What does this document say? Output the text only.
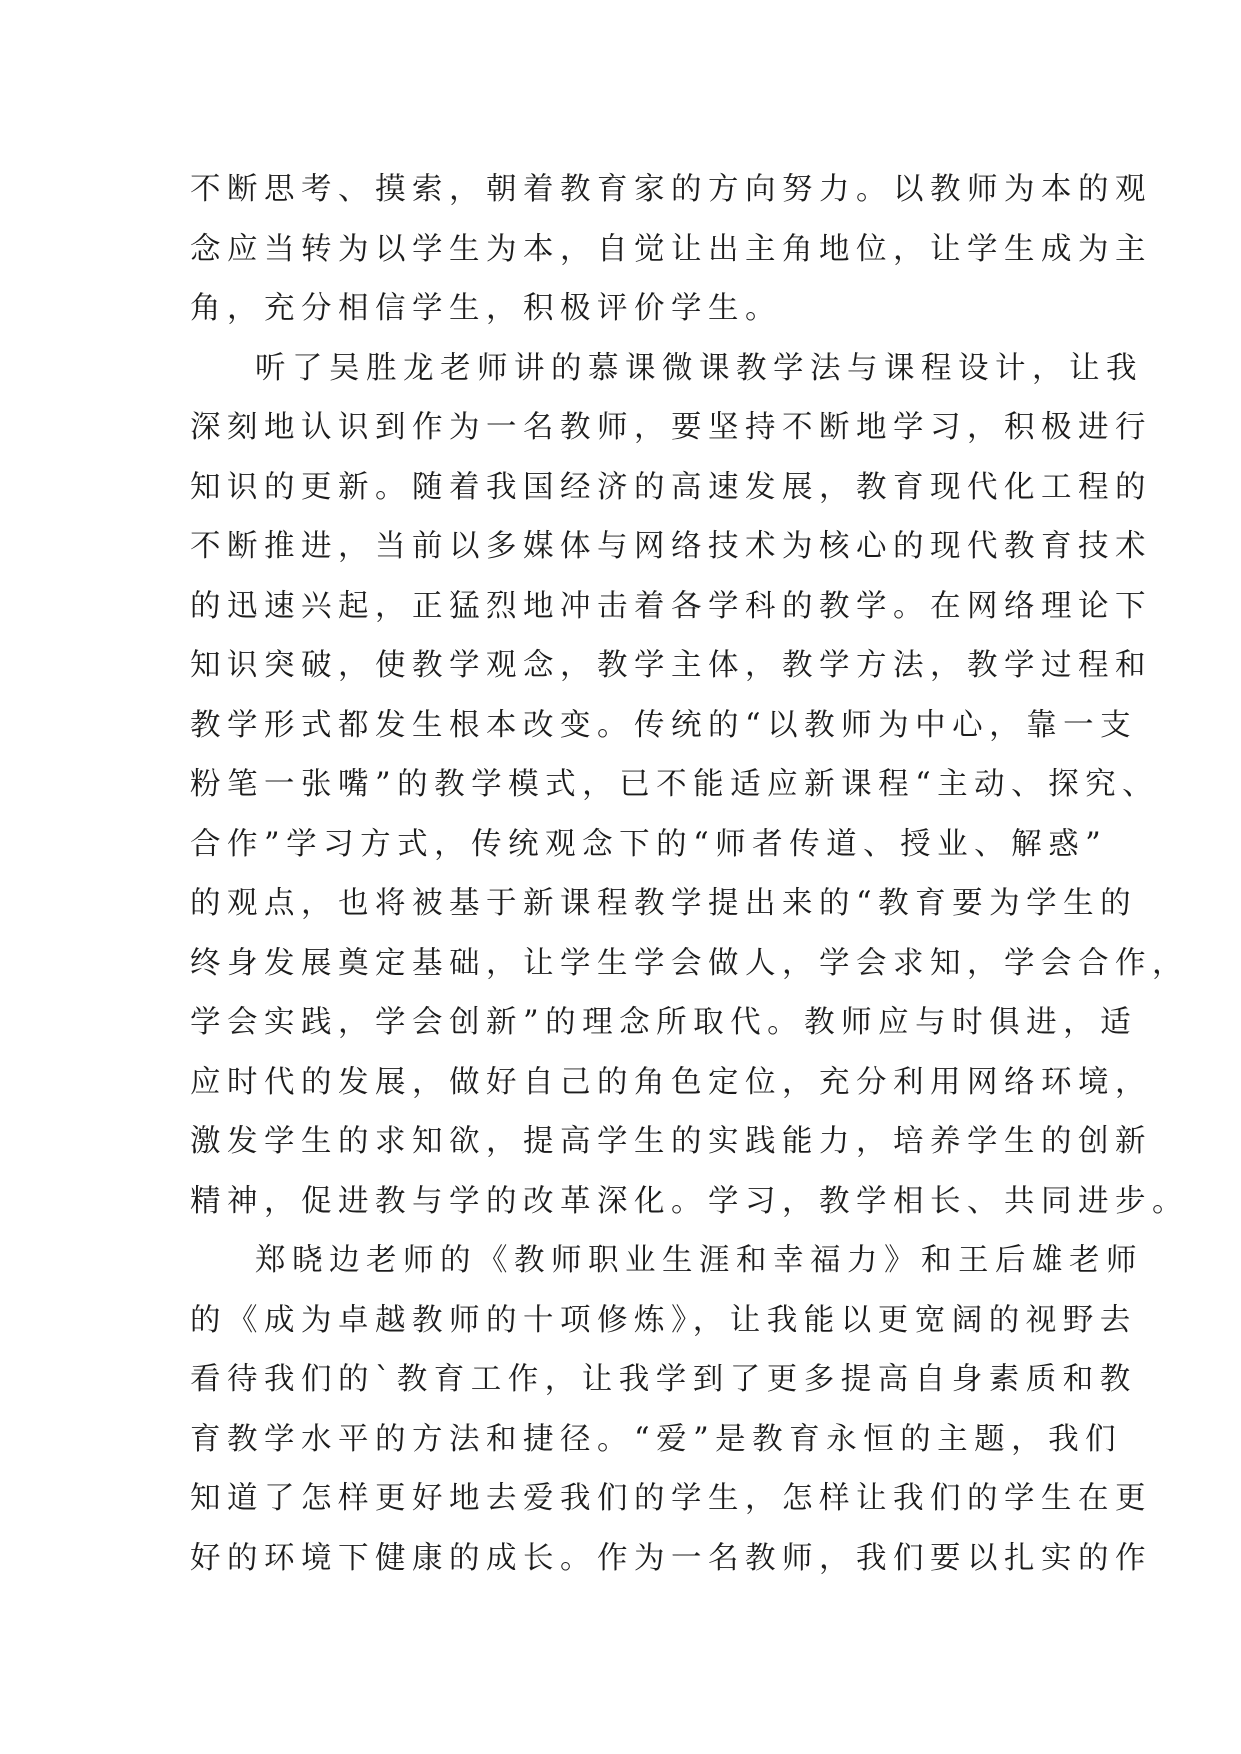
不断思考、摸索，朝着教育家的方向努力。以教师为本的观
念应当转为以学生为本，自觉让出主角地位，让学生成为主
角，充分相信学生，积极评价学生。
听了吴胜龙老师讲的慕课微课教学法与课程设计，让我
深刻地认识到作为一名教师，要坚持不断地学习，积极进行
知识的更新。随着我国经济的高速发展，教育现代化工程的
不断推进，当前以多媒体与网络技术为核心的现代教育技术
的迅速兴起，正猛烈地冲击着各学科的教学。在网络理论下
知识突破，使教学观念，教学主体，教学方法，教学过程和
教学形式都发生根本改变。传统的“以教师为中心，靠一支
粉笔一张嘴”的教学模式，已不能适应新课程“主动、探究、
合作”学习方式，传统观念下的“师者传道、授业、解惑”
的观点，也将被基于新课程教学提出来的“教育要为学生的
终身发展奠定基础，让学生学会做人，学会求知，学会合作，
学会实践，学会创新”的理念所取代。教师应与时俱进，适
应时代的发展，做好自己的角色定位，充分利用网络环境，
激发学生的求知欲，提高学生的实践能力，培养学生的创新
精神，促进教与学的改革深化。学习，教学相长、共同进步。
郑晓边老师的《教师职业生涯和幸福力》和王后雄老师
的《成为卓越教师的十项修炼》，让我能以更宽阔的视野去
看待我们的`教育工作，让我学到了更多提高自身素质和教
育教学水平的方法和捷径。“爱”是教育永恒的主题，我们
知道了怎样更好地去爱我们的学生，怎样让我们的学生在更
好的环境下健康的成长。作为一名教师，我们要以扎实的作
